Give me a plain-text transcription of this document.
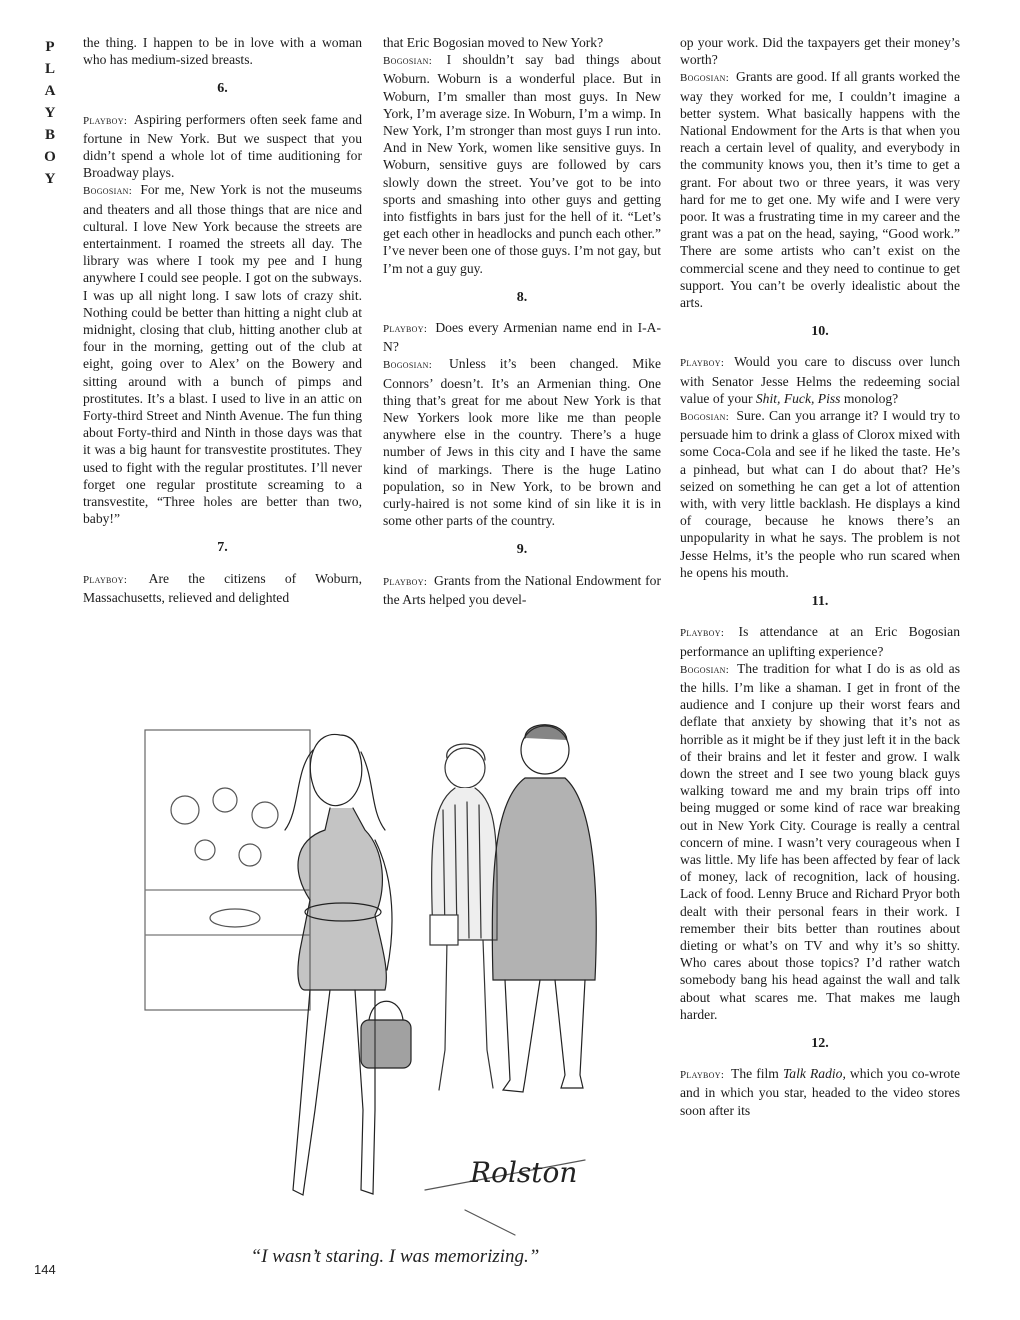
P
L
A
Y
B
O
Y

the thing. I happen to be in love with a woman who has medium-sized breasts.

6.

Playboy: Aspiring performers often seek fame and fortune in New York. But we suspect that you didn’t spend a whole lot of time auditioning for Broadway plays.

Bogosian: For me, New York is not the museums and theaters and all those things that are nice and cultural. I love New York because the streets are entertainment. I roamed the streets all day. The library was where I took my pee and I hung anywhere I could see people. I got on the subways. I was up all night long. I saw lots of crazy shit. Nothing could be better than hitting a night club at midnight, closing that club, hitting another club at four in the morning, getting out of the club at eight, going over to Alex’ on the Bowery and sitting around with a bunch of pimps and prostitutes. It’s a blast. I used to live in an attic on Forty-third Street and Ninth Avenue. The fun thing about Forty-third and Ninth in those days was that it was a big haunt for transvestite prostitutes. They used to fight with the regular prostitutes. I’ll never forget one regular prostitute screaming to a transvestite, “Three holes are better than two, baby!”

7.

Playboy: Are the citizens of Woburn, Massachusetts, relieved and delighted

that Eric Bogosian moved to New York?

Bogosian: I shouldn’t say bad things about Woburn. Woburn is a wonderful place. But in Woburn, I’m smaller than most guys. In New York, I’m average size. In Woburn, I’m a wimp. In New York, I’m stronger than most guys I run into. And in New York, women like sensitive guys. In Woburn, sensitive guys are followed by cars slowly down the street. You’ve got to be into sports and smashing into other guys and getting into fistfights in bars just for the hell of it. “Let’s get each other in headlocks and punch each other.” I’ve never been one of those guys. I’m not gay, but I’m not a guy guy.

8.

Playboy: Does every Armenian name end in I-A-N?

Bogosian: Unless it’s been changed. Mike Connors’ doesn’t. It’s an Armenian thing. One thing that’s great for me about New York is that New Yorkers look more like me than people anywhere else in the country. There’s a huge number of Jews in this city and I have the same kind of markings. There is the huge Latino population, so in New York, to be brown and curly-haired is not some kind of sin like it is in some other parts of the country.

9.

Playboy: Grants from the National Endowment for the Arts helped you devel-

op your work. Did the taxpayers get their money’s worth?

Bogosian: Grants are good. If all grants worked the way they worked for me, I couldn’t imagine a better system. What basically happens with the National Endowment for the Arts is that when you reach a certain level of quality, and everybody in the community knows you, then it’s time to get a grant. For about two or three years, it was very hard for me to get one. My wife and I were very poor. It was a frustrating time in my career and the grant was a pat on the head, saying, “Good work.” There are some artists who can’t exist on the commercial scene and they need to continue to get support. You can’t be overly idealistic about the arts.

10.

Playboy: Would you care to discuss over lunch with Senator Jesse Helms the redeeming social value of your Shit, Fuck, Piss monolog?

Bogosian: Sure. Can you arrange it? I would try to persuade him to drink a glass of Clorox mixed with some Coca-Cola and see if he liked the taste. He’s a pinhead, but what can I do about that? He’s seized on something he can get a lot of attention with, with very little backlash. He displays a kind of courage, because he knows there’s an unpopularity in what he says. The problem is not Jesse Helms, it’s the people who run scared when he opens his mouth.

11.

Playboy: Is attendance at an Eric Bogosian performance an uplifting experience?

Bogosian: The tradition for what I do is as old as the hills. I’m like a shaman. I get in front of the audience and I conjure up their worst fears and deflate that anxiety by showing that it’s not as horrible as it might be if they just left it in the back of their brains and let it fester and grow. I walk down the street and I see two young black guys walking toward me and my brain trips off into being mugged or some kind of race war breaking out in New York City. Courage is really a central concern of mine. I wasn’t very courageous when I was little. My life has been affected by fear of lack of money, lack of recognition, lack of housing. Lack of food. Lenny Bruce and Richard Pryor both dealt with their personal fears in their work. I remember their bits better than routines about dieting or what’s on TV and why it’s so shitty. Who cares about those topics? I’d rather watch somebody bang his head against the wall and talk about what scares me. That makes me laugh harder.

12.

Playboy: The film Talk Radio, which you co-wrote and in which you star, headed to the video stores soon after its

Rolston
“I wasn’t staring. I was memorizing.”
144
